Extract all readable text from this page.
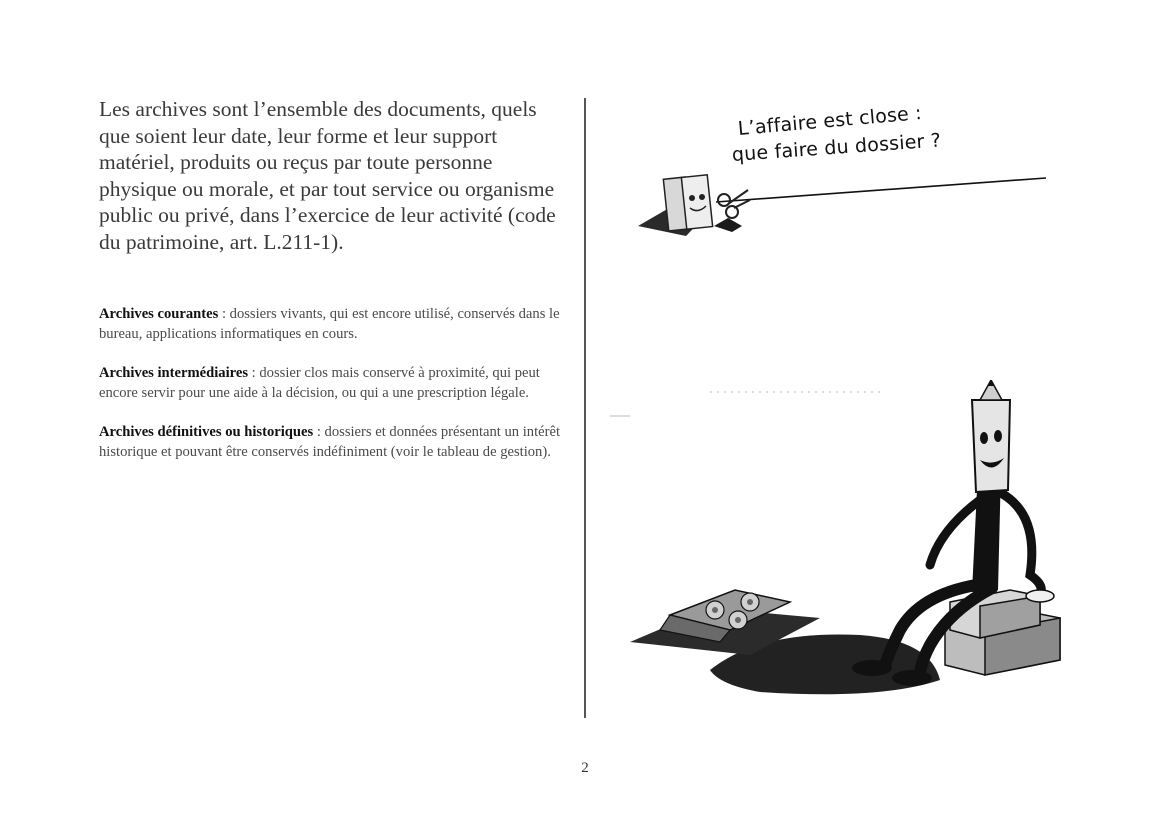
Les archives sont l’ensemble des documents, quels que soient leur date, leur forme et leur support matériel, produits ou reçus par toute personne physique ou morale, et par tout service ou organisme public ou privé, dans l’exercice de leur activité (code du patrimoine, art. L.211-1).

Archives courantes : dossiers vivants, qui est encore utilisé, conservés dans le bureau, applications informatiques en cours.

Archives intermédiaires : dossier clos mais conservé à proximité, qui peut encore servir pour une aide à la décision, ou qui a une prescription légale.

Archives définitives ou historiques : dossiers et données présentant un intérêt historique et pouvant être conservés indéfiniment (voir le tableau de gestion).

L’affaire est close :
que faire du dossier ?
2
